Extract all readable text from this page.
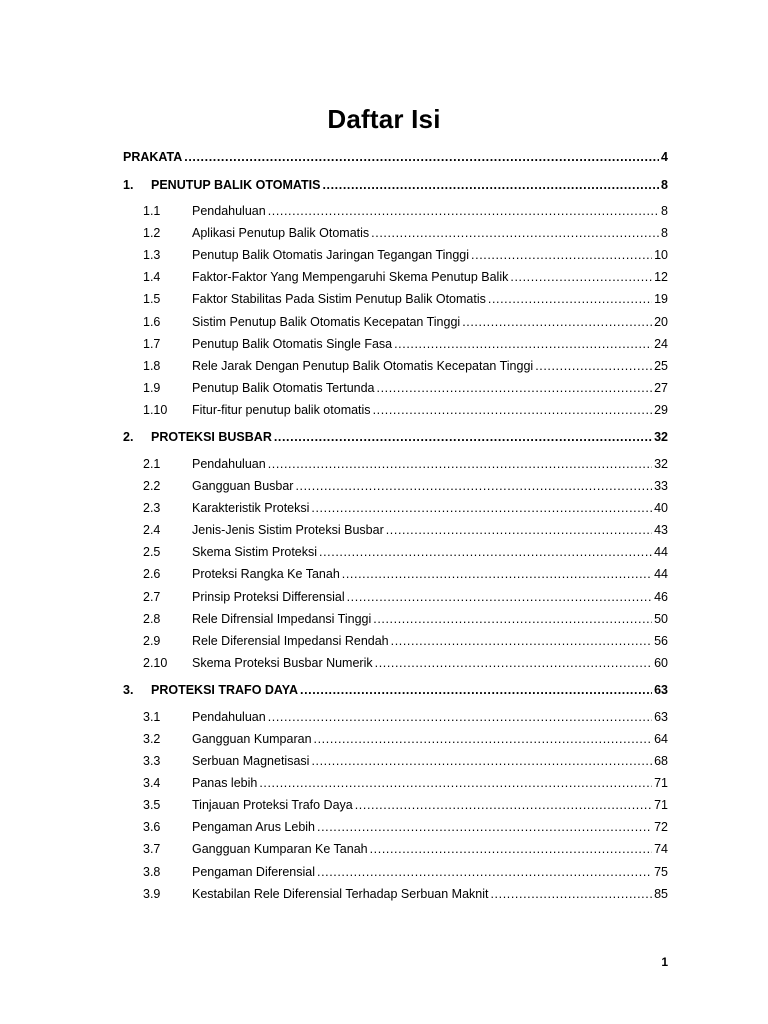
Daftar Isi
PRAKATA .....	4
1.	PENUTUP BALIK OTOMATIS .....	8
1.1	Pendahuluan .....	8
1.2	Aplikasi Penutup Balik Otomatis .....	8
1.3	Penutup Balik Otomatis Jaringan Tegangan Tinggi .....	10
1.4	Faktor-Faktor Yang Mempengaruhi Skema Penutup Balik .....	12
1.5	Faktor Stabilitas Pada Sistim Penutup Balik Otomatis .....	19
1.6	Sistim Penutup Balik Otomatis Kecepatan Tinggi .....	20
1.7	Penutup Balik Otomatis Single Fasa .....	24
1.8	Rele Jarak Dengan Penutup Balik Otomatis Kecepatan Tinggi .....	25
1.9	Penutup Balik Otomatis Tertunda .....	27
1.10	Fitur-fitur penutup balik otomatis .....	29
2.	PROTEKSI BUSBAR .....	32
2.1	Pendahuluan .....	32
2.2	Gangguan Busbar .....	33
2.3	Karakteristik Proteksi .....	40
2.4	Jenis-Jenis Sistim Proteksi Busbar .....	43
2.5	Skema Sistim Proteksi .....	44
2.6	Proteksi Rangka Ke Tanah .....	44
2.7	Prinsip Proteksi Differensial .....	46
2.8	Rele Difrensial Impedansi Tinggi .....	50
2.9	Rele Diferensial Impedansi Rendah .....	56
2.10	Skema Proteksi Busbar Numerik .....	60
3.	PROTEKSI TRAFO DAYA .....	63
3.1	Pendahuluan .....	63
3.2	Gangguan Kumparan .....	64
3.3	Serbuan Magnetisasi .....	68
3.4	Panas lebih .....	71
3.5	Tinjauan Proteksi Trafo Daya .....	71
3.6	Pengaman Arus Lebih .....	72
3.7	Gangguan Kumparan Ke Tanah .....	74
3.8	Pengaman Diferensial .....	75
3.9	Kestabilan Rele Diferensial Terhadap Serbuan Maknit .....	85
1
